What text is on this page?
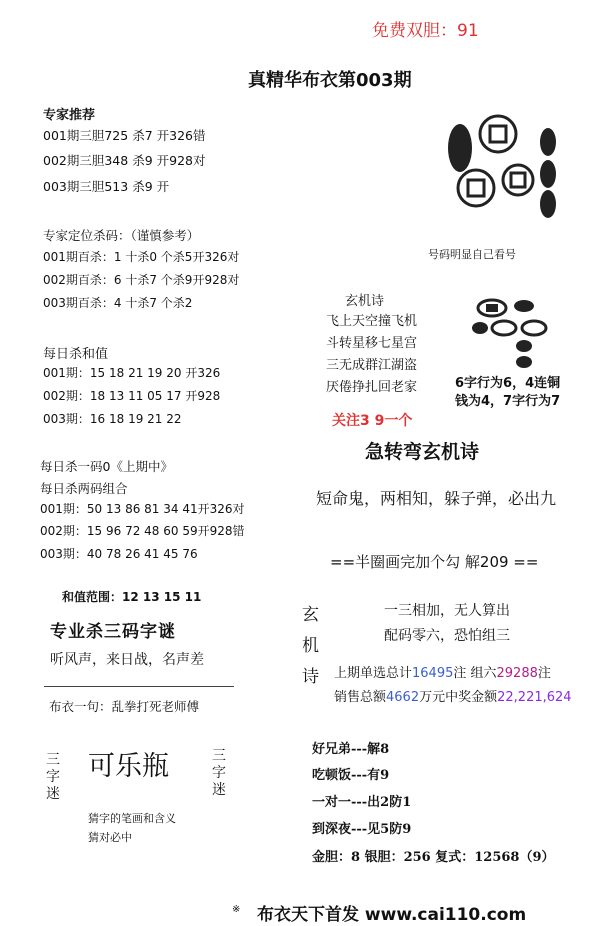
免费双胆：91
真精华布衣第003期
专家推荐
001期三胆725 杀7 开326错
002期三胆348 杀9 开928对
003期三胆513 杀9 开
专家定位杀码：（谨慎参考）
001期百杀：1 十杀0 个杀5开326对
002期百杀：6 十杀7 个杀9开928对
003期百杀：4 十杀7 个杀2
每日杀和值
001期：15 18 21 19 20 开326
002期：18 13 11 05 17 开928
003期：16 18 19 21 22
每日杀一码0《上期中》
每日杀两码组合
001期：50 13 86 81 34 41开326对
002期：15 96 72 48 60 59开928错
003期：40 78 26 41 45 76
和值范围：12 13 15 11
专业杀三码字谜
听风声，来日战，名声差
布衣一句：乱拳打死老师傅
三字迷
可乐瓶	三字迷
猜字的笔画和含义
猜对必中
号码明显自己看号
玄机诗
飞上天空撞飞机
斗转星移七星宫
三无成群江湖盗
厌倦挣扎回老家
关注3 9一个
6字行为6，4连铜
钱为4，7字行为7
急转弯玄机诗
短命鬼，两相知，躲子弹，必出九
==半圈画完加个勾 解209 ==
玄
机
诗
一三相加，无人算出
配码零六，恐怕组三
上期单选总计16495注 组六29288注
销售总额4662万元中奖金额22,221,624
好兄弟---解8
吃顿饭---有9
一对一---出2防1
到深夜---见5防9
金胆：8 银胆：256 复式：12568（9）
※ 布衣天下首发 www.cai110.com
